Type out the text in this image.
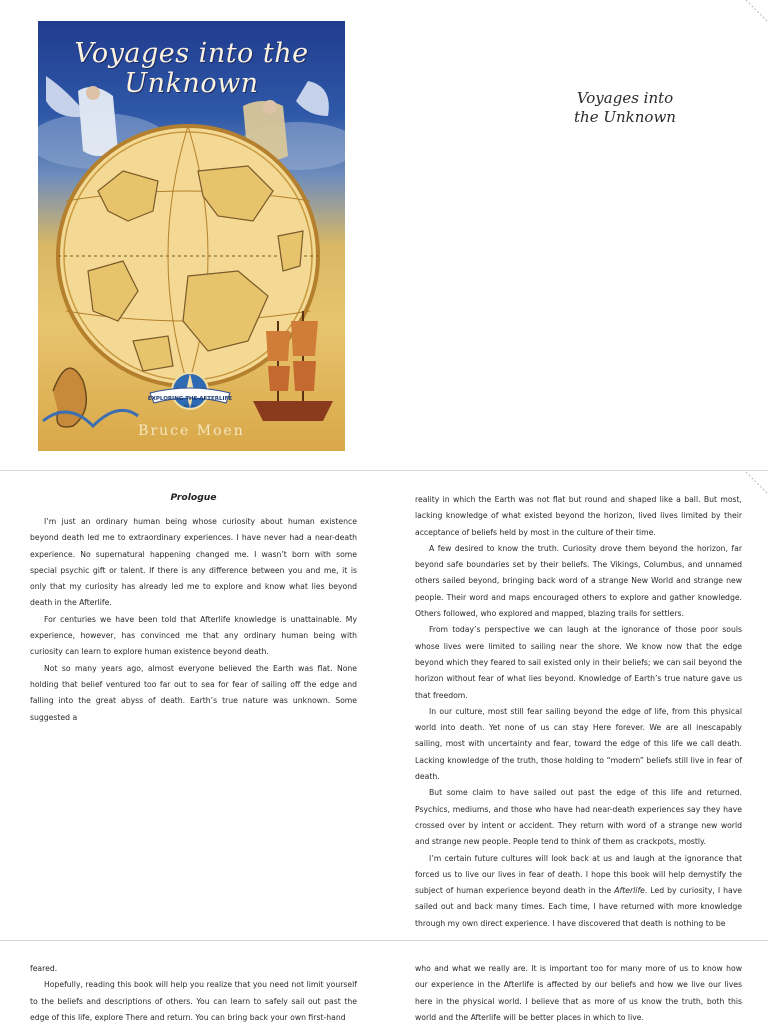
EXPLORING THE AFTERLIFE
SERIES
Voyages into the
Unknown
Bruce Moen
Voyages into
the Unknown
Prologue

I’m just an ordinary human being whose curiosity about human existence beyond death led me to extraordinary experiences. I have never had a near-death experience. No supernatural happening changed me. I wasn’t born with some special psychic gift or talent. If there is any difference between you and me, it is only that my curiosity has already led me to explore and know what lies beyond death in the Afterlife.

For centuries we have been told that Afterlife knowledge is unattainable. My experience, however, has convinced me that any ordinary human being with curiosity can learn to explore human existence beyond death.

Not so many years ago, almost everyone believed the Earth was flat. None holding that belief ventured too far out to sea for fear of sailing off the edge and falling into the great abyss of death. Earth’s true nature was unknown. Some suggested a

reality in which the Earth was not flat but round and shaped like a ball. But most, lacking knowledge of what existed beyond the horizon, lived lives limited by their acceptance of beliefs held by most in the culture of their time.

A few desired to know the truth. Curiosity drove them beyond the horizon, far beyond safe boundaries set by their beliefs. The Vikings, Columbus, and unnamed others sailed beyond, bringing back word of a strange New World and strange new people. Their word and maps encouraged others to explore and gather knowledge. Others followed, who explored and mapped, blazing trails for settlers.

From today’s perspective we can laugh at the ignorance of those poor souls whose lives were limited to sailing near the shore. We know now that the edge beyond which they feared to sail existed only in their beliefs; we can sail beyond the horizon without fear of what lies beyond. Knowledge of Earth’s true nature gave us that freedom.

In our culture, most still fear sailing beyond the edge of life, from this physical world into death. Yet none of us can stay Here forever. We are all inescapably sailing, most with uncertainty and fear, toward the edge of this life we call death. Lacking knowledge of the truth, those holding to “modern” beliefs still live in fear of death.

But some claim to have sailed out past the edge of this life and returned. Psychics, mediums, and those who have had near-death experiences say they have crossed over by intent or accident. They return with word of a strange new world and strange new people. People tend to think of them as crackpots, mostly.

I’m certain future cultures will look back at us and laugh at the ignorance that forced us to live our lives in fear of death. I hope this book will help demystify the subject of human experience beyond death in the Afterlife. Led by curiosity, I have sailed out and back many times. Each time, I have returned with more knowledge through my own direct experience. I have discovered that death is nothing to be

feared.

Hopefully, reading this book will help you realize that you need not limit yourself to the beliefs and descriptions of others. You can learn to safely sail out past the edge of this life, explore There and return. You can bring back your own first-hand

who and what we really are. It is important too for many more of us to know how our experience in the Afterlife is affected by our beliefs and how we live our lives here in the physical world. I believe that as more of us know the truth, both this world and the Afterlife will be better places in which to live.
